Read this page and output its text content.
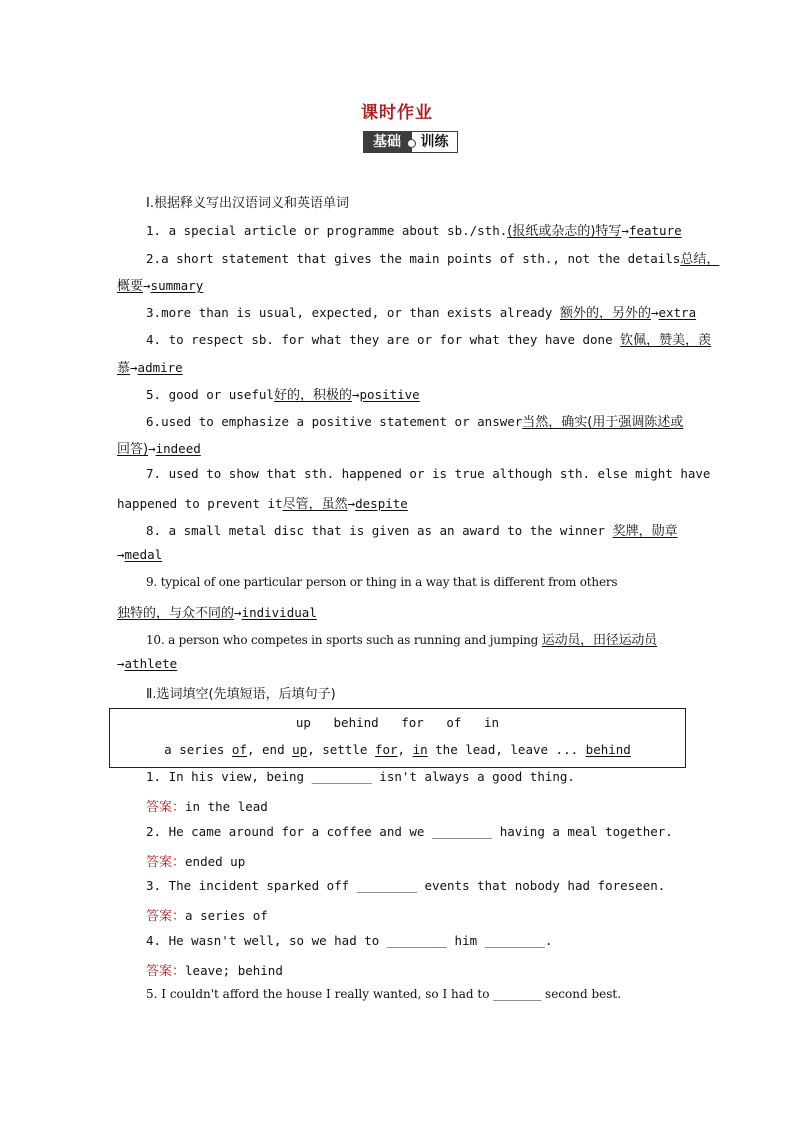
课时作业
基础	训练
Ⅰ.根据释义写出汉语词义和英语单词
1. a special article or programme about sb./sth.(报纸或杂志的)特写→feature
2.a short statement that gives the main points of sth., not the details总结，
概要→summary
3.more than is usual, expected, or than exists already 额外的，另外的→extra
4. to respect sb. for what they are or for what they have done 钦佩，赞美，羡
慕→admire
5. good or useful好的，积极的→positive
6.used to emphasize a positive statement or answer当然，确实(用于强调陈述或
回答)→indeed
7. used to show that sth. happened or is true although sth. else might have
happened to prevent it尽管，虽然→despite
8. a small metal disc that is given as an award to the winner 奖牌，勋章
→medal
9. typical of one particular person or thing in a way that is different from others
独特的，与众不同的→individual
10. a person who competes in sports such as running and jumping 运动员，田径运动员
→athlete
Ⅱ.选词填空(先填短语，后填句子)
up   behind   for   of   in
a series of, end up, settle for, in the lead, leave ... behind
1. In his view, being ________ isn't always a good thing.
答案：in the lead
2. He came around for a coffee and we ________ having a meal together.
答案：ended up
3. The incident sparked off ________ events that nobody had foreseen.
答案：a series of
4. He wasn't well, so we had to ________ him ________.
答案：leave; behind
5. I couldn't afford the house I really wanted, so I had to ________ second best.
